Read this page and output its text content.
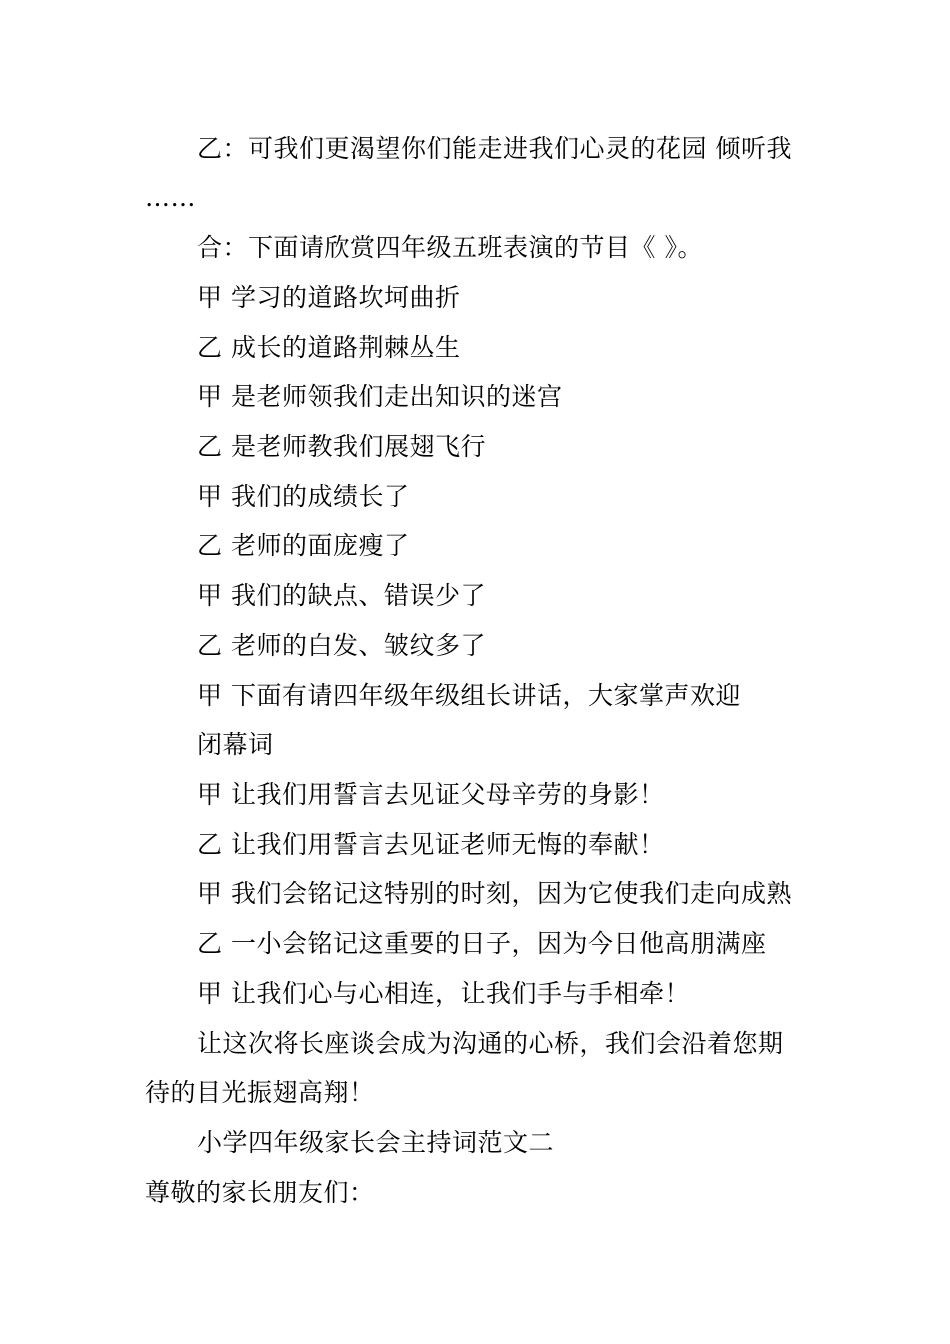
乙：可我们更渴望你们能走进我们心灵的花园 倾听我
……
合：下面请欣赏四年级五班表演的节目《 》。
甲 学习的道路坎坷曲折
乙 成长的道路荆棘丛生
甲 是老师领我们走出知识的迷宫
乙 是老师教我们展翅飞行
甲 我们的成绩长了
乙 老师的面庞瘦了
甲 我们的缺点、错误少了
乙 老师的白发、皱纹多了
甲 下面有请四年级年级组长讲话，大家掌声欢迎
闭幕词
甲 让我们用誓言去见证父母辛劳的身影！
乙 让我们用誓言去见证老师无悔的奉献！
甲 我们会铭记这特别的时刻，因为它使我们走向成熟
乙 一小会铭记这重要的日子，因为今日他高朋满座
甲 让我们心与心相连，让我们手与手相牵！
让这次将长座谈会成为沟通的心桥，我们会沿着您期
待的目光振翅高翔！
小学四年级家长会主持词范文二
尊敬的家长朋友们：
